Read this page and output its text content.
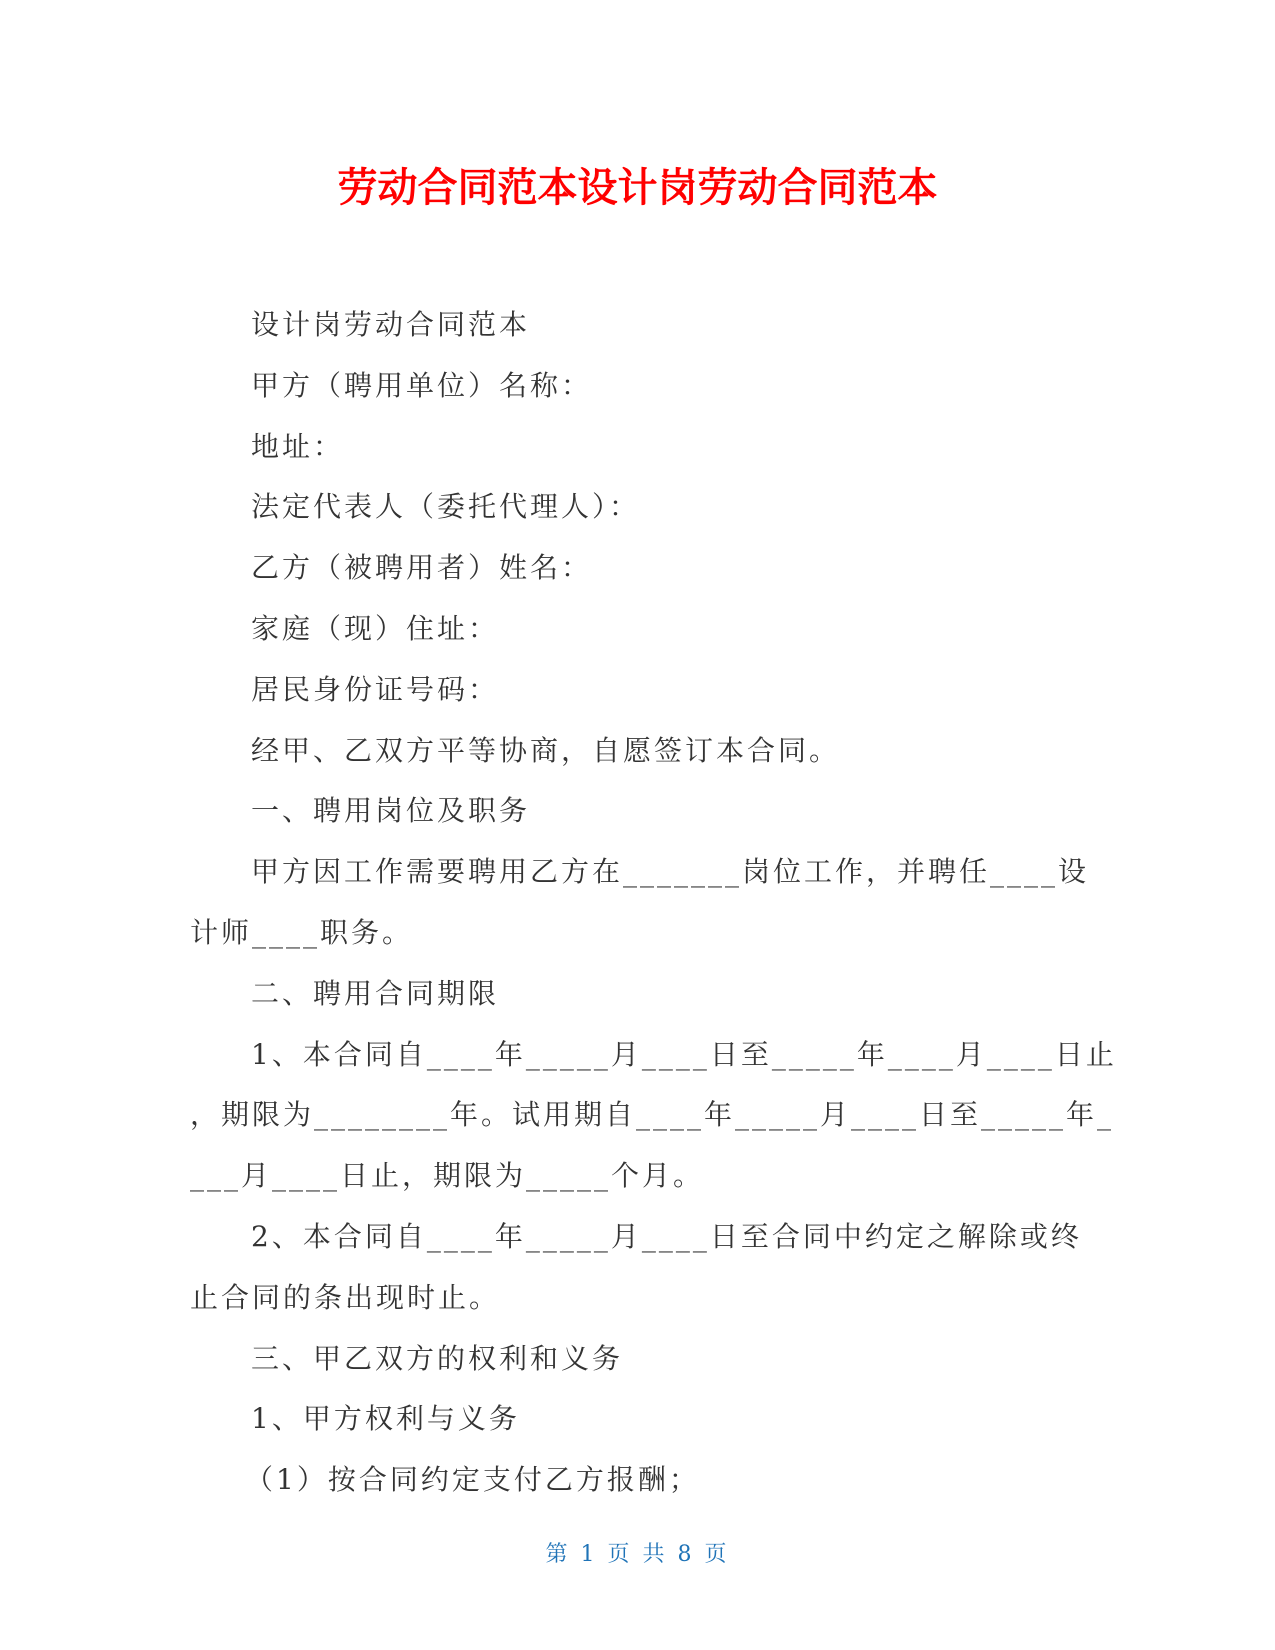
劳动合同范本设计岗劳动合同范本

设计岗劳动合同范本

甲方（聘用单位）名称：

地址：

法定代表人（委托代理人）：

乙方（被聘用者）姓名：

家庭（现）住址：

居民身份证号码：

经甲、乙双方平等协商，自愿签订本合同。

一、聘用岗位及职务

甲方因工作需要聘用乙方在_______岗位工作，并聘任____设

计师____职务。

二、聘用合同期限

1、本合同自____年_____月____日至_____年____月____日止

，期限为________年。试用期自____年_____月____日至_____年_

___月____日止，期限为_____个月。

2、本合同自____年_____月____日至合同中约定之解除或终

止合同的条出现时止。

三、甲乙双方的权利和义务

1、甲方权利与义务

（1）按合同约定支付乙方报酬；

第 1 页 共 8 页
